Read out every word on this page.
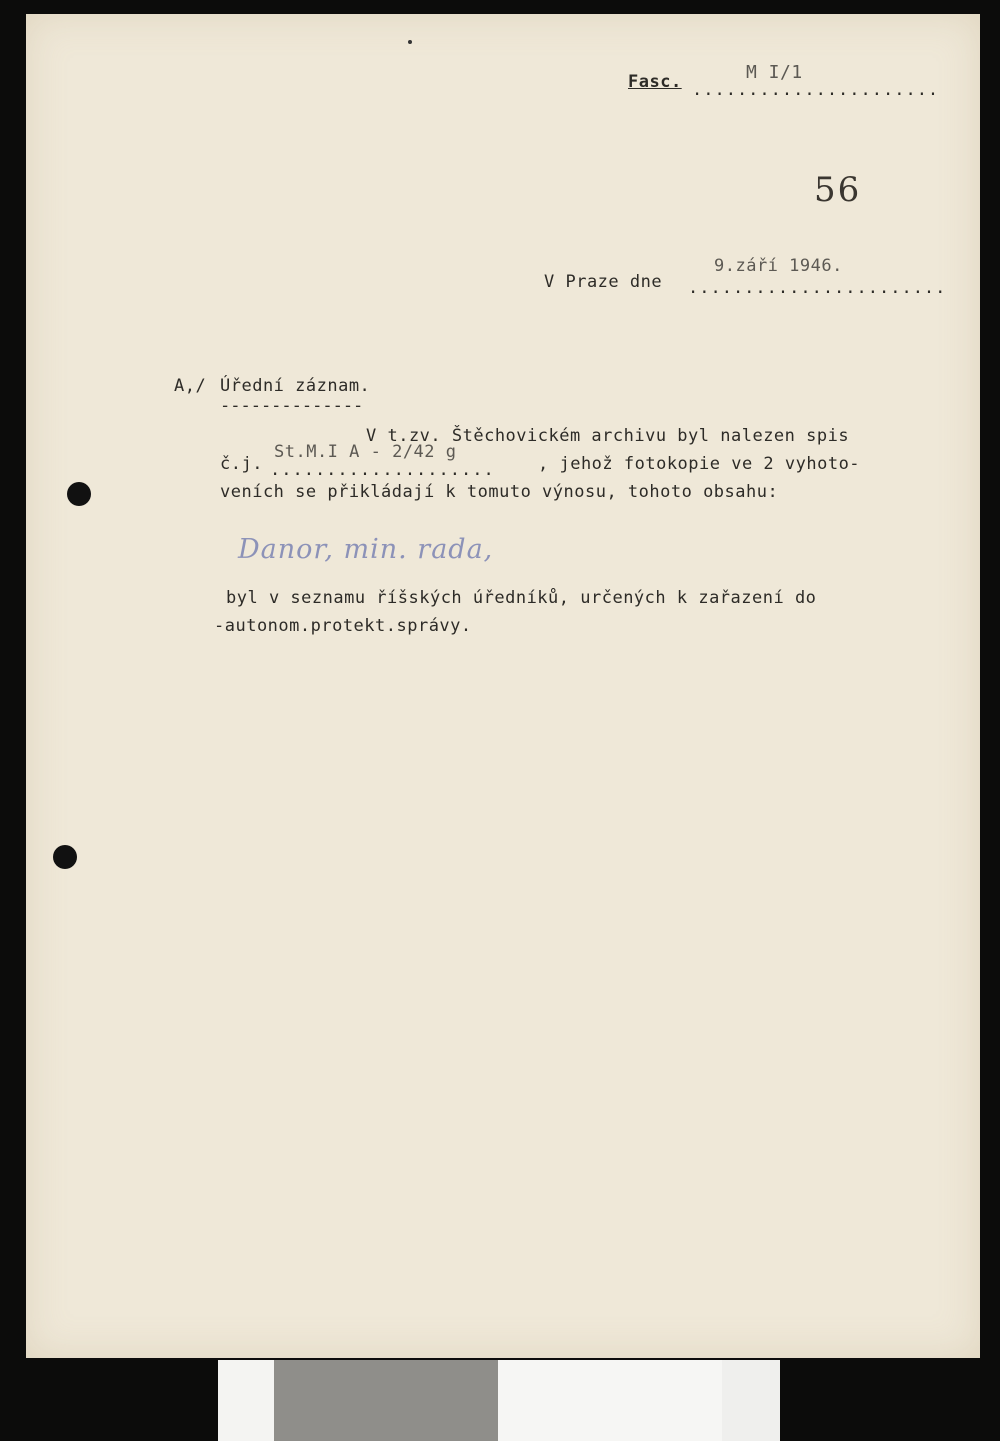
Fasc.	M I/1
......................
56
9.září 1946.
V Praze dne .......................
A,/ Úřední záznam.
--------------
V t.zv. Štěchovickém archivu byl nalezen spis
St.M.I A - 2/42 g
č.j. ....................	, jehož fotokopie ve 2 vyhoto-
veních se přikládají k tomuto výnosu, tohoto obsahu:
Danor, min. rada,
byl v seznamu říšských úředníků, určených k zařazení do
-autonom.protekt.správy.
